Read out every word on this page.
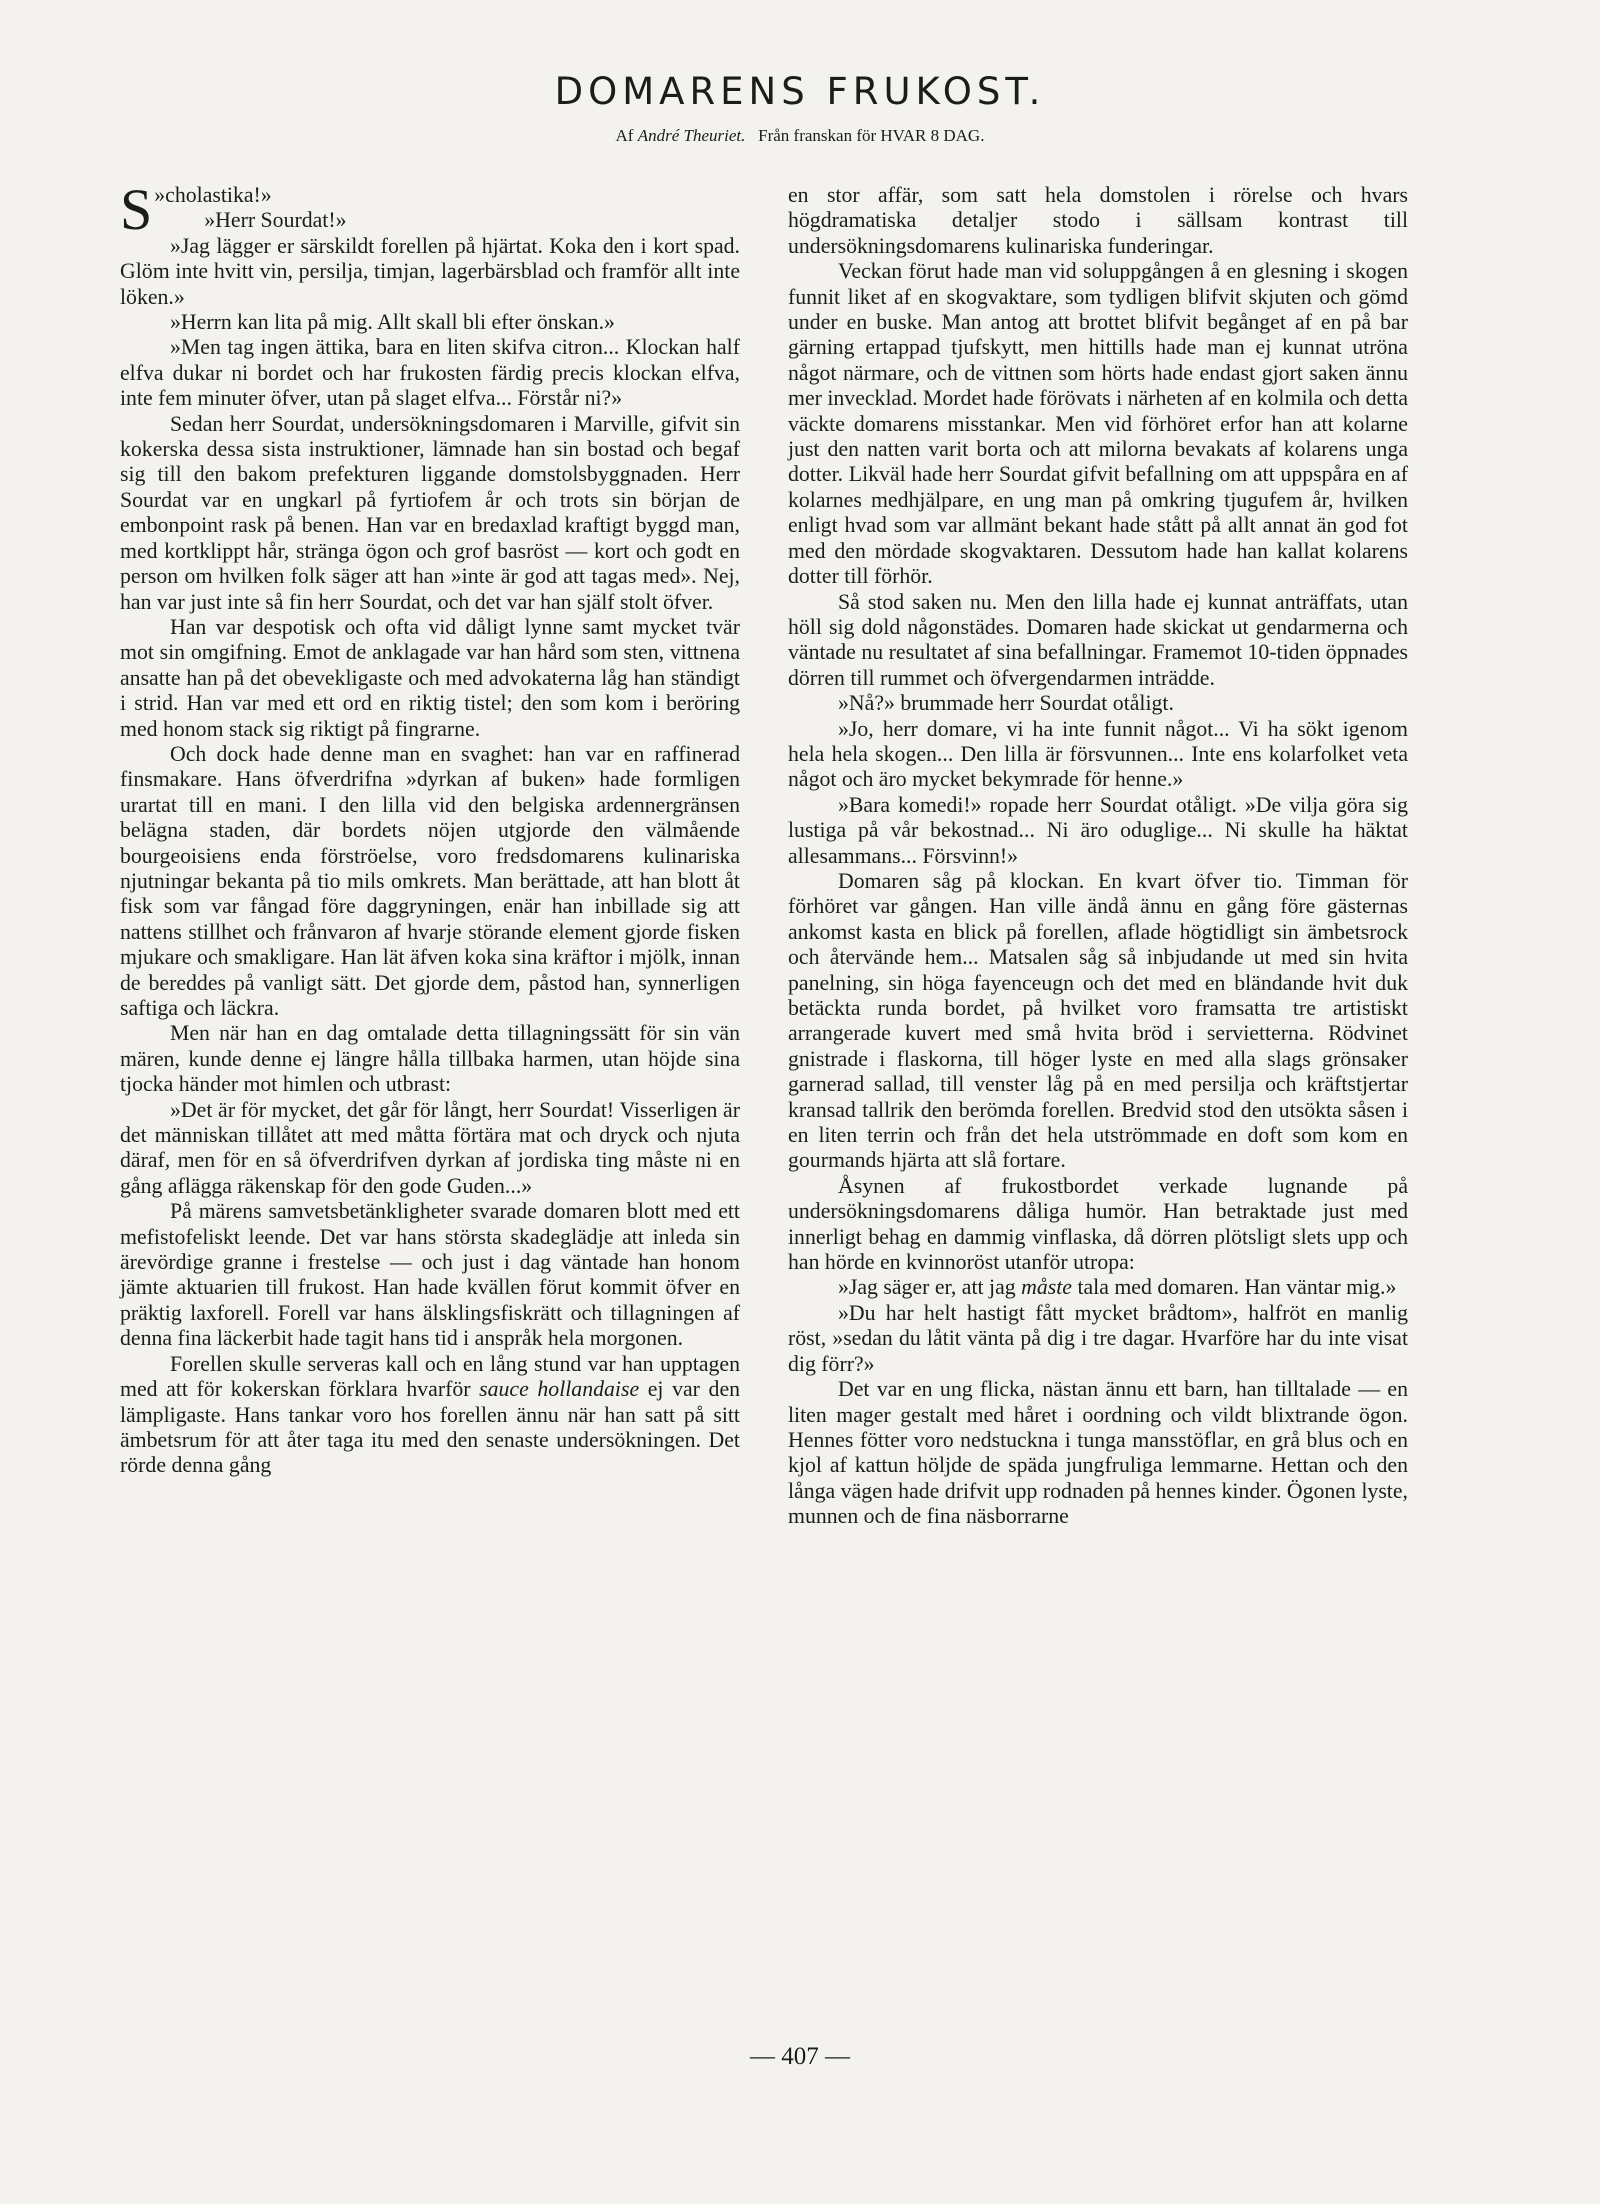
DOMARENS FRUKOST.
Af André Theuriet. Från franskan för HVAR 8 DAG.

»
S cholastika!»

»Herr Sourdat!»

»Jag lägger er särskildt forellen på hjärtat. Koka den i kort spad. Glöm inte hvitt vin, persilja, timjan, lagerbärsblad och framför allt inte löken.»

»Herrn kan lita på mig. Allt skall bli efter önskan.»

»Men tag ingen ättika, bara en liten skifva citron... Klockan half elfva dukar ni bordet och har frukosten färdig precis klockan elfva, inte fem minuter öfver, utan på slaget elfva... Förstår ni?»

Sedan herr Sourdat, undersökningsdomaren i Marville, gifvit sin kokerska dessa sista instruktioner, lämnade han sin bostad och begaf sig till den bakom prefekturen liggande domstolsbyggnaden. Herr Sourdat var en ungkarl på fyrtiofem år och trots sin början de embonpoint rask på benen. Han var en bredaxlad kraftigt byggd man, med kortklippt hår, stränga ögon och grof basröst — kort och godt en person om hvilken folk säger att han »inte är god att tagas med». Nej, han var just inte så fin herr Sourdat, och det var han själf stolt öfver.

Han var despotisk och ofta vid dåligt lynne samt mycket tvär mot sin omgifning. Emot de anklagade var han hård som sten, vittnena ansatte han på det obevekligaste och med advokaterna låg han ständigt i strid. Han var med ett ord en riktig tistel; den som kom i beröring med honom stack sig riktigt på fingrarne.

Och dock hade denne man en svaghet: han var en raffinerad finsmakare. Hans öfverdrifna »dyrkan af buken» hade formligen urartat till en mani. I den lilla vid den belgiska ardennergränsen belägna staden, där bordets nöjen utgjorde den välmående bourgeoisiens enda förströelse, voro fredsdomarens kulinariska njutningar bekanta på tio mils omkrets. Man berättade, att han blott åt fisk som var fångad före daggryningen, enär han inbillade sig att nattens stillhet och frånvaron af hvarje störande element gjorde fisken mjukare och smakligare. Han lät äfven koka sina kräftor i mjölk, innan de bereddes på vanligt sätt. Det gjorde dem, påstod han, synnerligen saftiga och läckra.

Men när han en dag omtalade detta tillagningssätt för sin vän mären, kunde denne ej längre hålla tillbaka harmen, utan höjde sina tjocka händer mot himlen och utbrast:

»Det är för mycket, det går för långt, herr Sourdat! Visserligen är det människan tillåtet att med måtta förtära mat och dryck och njuta däraf, men för en så öfverdrifven dyrkan af jordiska ting måste ni en gång aflägga räkenskap för den gode Guden...»

På märens samvetsbetänkligheter svarade domaren blott med ett mefistofeliskt leende. Det var hans största skadeglädje att inleda sin ärevördige granne i frestelse — och just i dag väntade han honom jämte aktuarien till frukost. Han hade kvällen förut kommit öfver en präktig laxforell. Forell var hans älsklingsfiskrätt och tillagningen af denna fina läckerbit hade tagit hans tid i anspråk hela morgonen.

Forellen skulle serveras kall och en lång stund var han upptagen med att för kokerskan förklara hvarför sauce hollandaise ej var den lämpligaste. Hans tankar voro hos forellen ännu när han satt på sitt ämbetsrum för att åter taga itu med den senaste undersökningen. Det rörde denna gång

en stor affär, som satt hela domstolen i rörelse och hvars högdramatiska detaljer stodo i sällsam kontrast till undersökningsdomarens kulinariska funderingar.

Veckan förut hade man vid soluppgången å en glesning i skogen funnit liket af en skogvaktare, som tydligen blifvit skjuten och gömd under en buske. Man antog att brottet blifvit begånget af en på bar gärning ertappad tjufskytt, men hittills hade man ej kunnat utröna något närmare, och de vittnen som hörts hade endast gjort saken ännu mer invecklad. Mordet hade förövats i närheten af en kolmila och detta väckte domarens misstankar. Men vid förhöret erfor han att kolarne just den natten varit borta och att milorna bevakats af kolarens unga dotter. Likväl hade herr Sourdat gifvit befallning om att uppspåra en af kolarnes medhjälpare, en ung man på omkring tjugufem år, hvilken enligt hvad som var allmänt bekant hade stått på allt annat än god fot med den mördade skogvaktaren. Dessutom hade han kallat kolarens dotter till förhör.

Så stod saken nu. Men den lilla hade ej kunnat anträffats, utan höll sig dold någonstädes. Domaren hade skickat ut gendarmerna och väntade nu resultatet af sina befallningar. Framemot 10-tiden öppnades dörren till rummet och öfvergendarmen inträdde.

»Nå?» brummade herr Sourdat otåligt.

»Jo, herr domare, vi ha inte funnit något... Vi ha sökt igenom hela hela skogen... Den lilla är försvunnen... Inte ens kolarfolket veta något och äro mycket bekymrade för henne.»

»Bara komedi!» ropade herr Sourdat otåligt. »De vilja göra sig lustiga på vår bekostnad... Ni äro oduglige... Ni skulle ha häktat allesammans... Försvinn!»

Domaren såg på klockan. En kvart öfver tio. Timman för förhöret var gången. Han ville ändå ännu en gång före gästernas ankomst kasta en blick på forellen, aflade högtidligt sin ämbetsrock och återvände hem... Matsalen såg så inbjudande ut med sin hvita panelning, sin höga fayenceugn och det med en bländande hvit duk betäckta runda bordet, på hvilket voro framsatta tre artistiskt arrangerade kuvert med små hvita bröd i servietterna. Rödvinet gnistrade i flaskorna, till höger lyste en med alla slags grönsaker garnerad sallad, till venster låg på en med persilja och kräftstjertar kransad tallrik den berömda forellen. Bredvid stod den utsökta såsen i en liten terrin och från det hela utströmmade en doft som kom en gourmands hjärta att slå fortare.

Åsynen af frukostbordet verkade lugnande på undersökningsdomarens dåliga humör. Han betraktade just med innerligt behag en dammig vinflaska, då dörren plötsligt slets upp och han hörde en kvinnoröst utanför utropa:

»Jag säger er, att jag måste tala med domaren. Han väntar mig.»

»Du har helt hastigt fått mycket brådtom», halfröt en manlig röst, »sedan du låtit vänta på dig i tre dagar. Hvarföre har du inte visat dig förr?»

Det var en ung flicka, nästan ännu ett barn, han tilltalade — en liten mager gestalt med håret i oordning och vildt blixtrande ögon. Hennes fötter voro nedstuckna i tunga mansstöflar, en grå blus och en kjol af kattun höljde de späda jungfruliga lemmarne. Hettan och den långa vägen hade drifvit upp rodnaden på hennes kinder. Ögonen lyste, munnen och de fina näsborrarne

— 407 —
